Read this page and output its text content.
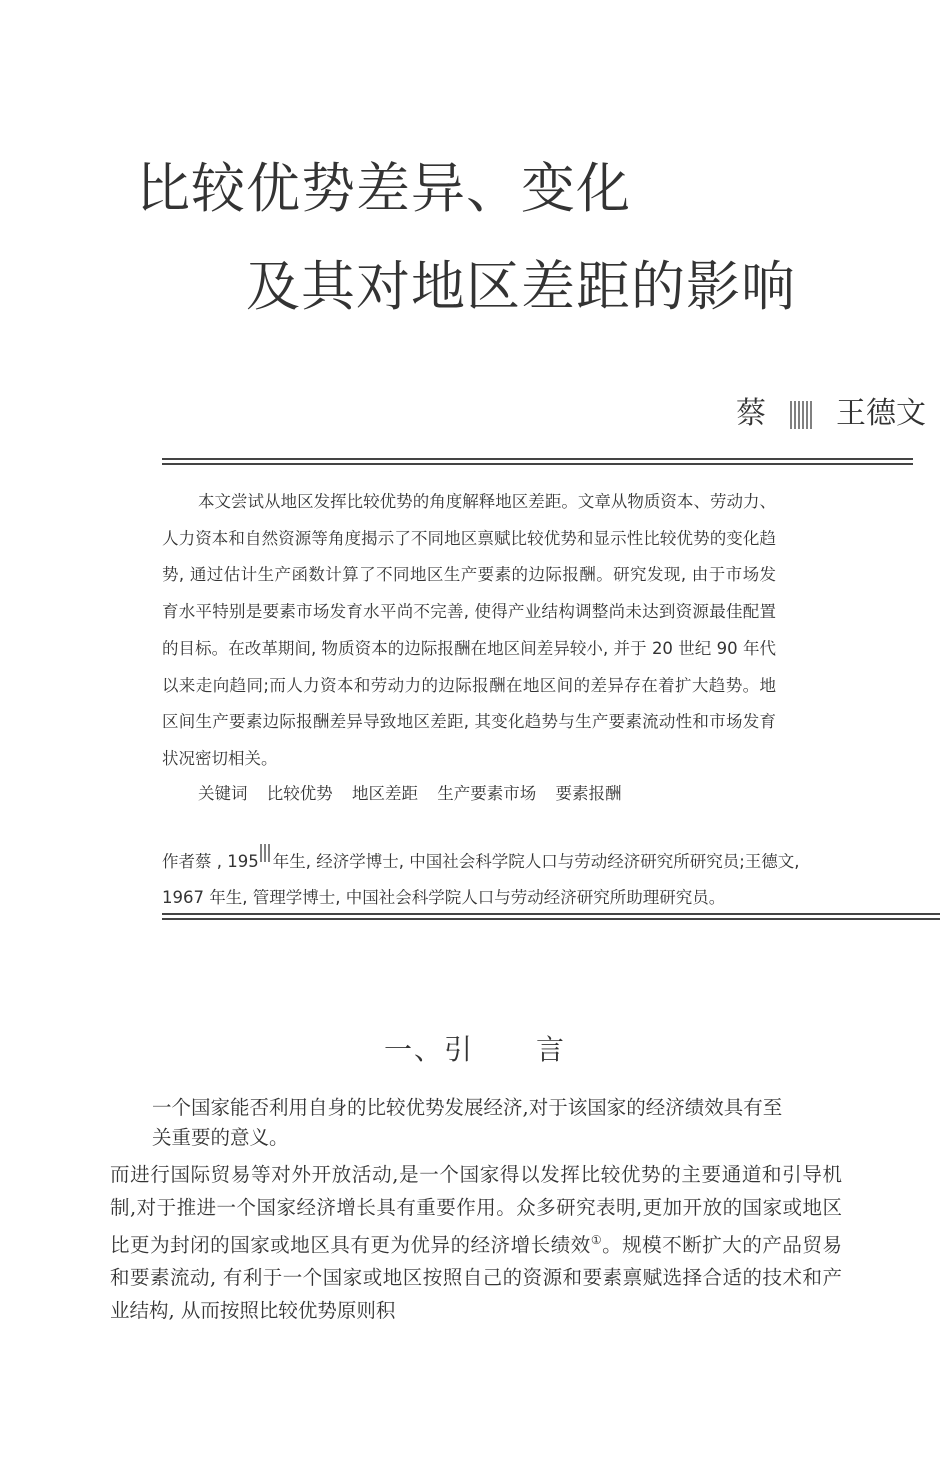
比较优势差异、变化
及其对地区差距的影响
蔡 王德文
本文尝试从地区发挥比较优势的角度解释地区差距。文章从物质资本、劳动力、人力资本和自然资源等角度揭示了不同地区禀赋比较优势和显示性比较优势的变化趋势, 通过估计生产函数计算了不同地区生产要素的边际报酬。研究发现, 由于市场发育水平特别是要素市场发育水平尚不完善, 使得产业结构调整尚未达到资源最佳配置的目标。在改革期间, 物质资本的边际报酬在地区间差异较小, 并于 20 世纪 90 年代以来走向趋同;而人力资本和劳动力的边际报酬在地区间的差异存在着扩大趋势。地区间生产要素边际报酬差异导致地区差距, 其变化趋势与生产要素流动性和市场发育状况密切相关。
关键词 比较优势 地区差距 生产要素市场 要素报酬
作者蔡 , 195 年生, 经济学博士, 中国社会科学院人口与劳动经济研究所研究员;王德文, 1967 年生, 管理学博士, 中国社会科学院人口与劳动经济研究所助理研究员。
一、引 言
一个国家能否利用自身的比较优势发展经济,对于该国家的经济绩效具有至
关重要的意义。
而进行国际贸易等对外开放活动,是一个国家得以发挥比较优势的主要通道和引导机制,对于推进一个国家经济增长具有重要作用。众多研究表明,更加开放的国家或地区比更为封闭的国家或地区具有更为优异的经济增长绩效①。规模不断扩大的产品贸易和要素流动, 有利于一个国家或地区按照自己的资源和要素禀赋选择合适的技术和产业结构, 从而按照比较优势原则积
